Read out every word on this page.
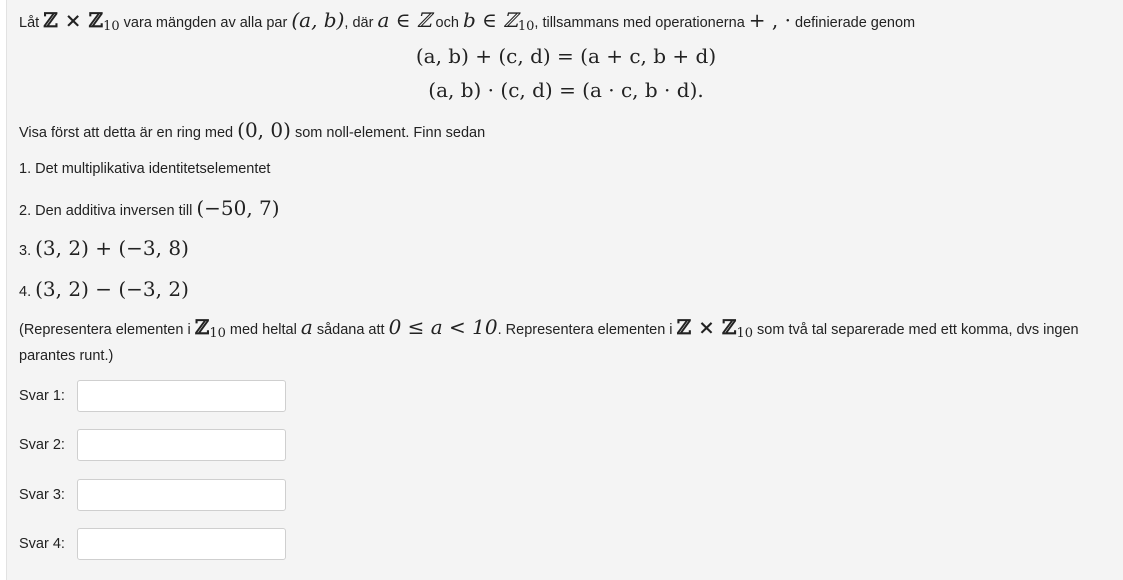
Låt ℤ × ℤ10 vara mängden av alla par (a, b), där a ∈ ℤ och b ∈ ℤ10, tillsammans med operationerna + , · definierade genom
(a, b) + (c, d) = (a + c, b + d)
(a, b) · (c, d) = (a · c, b · d).
Visa först att detta är en ring med (0, 0) som noll-element. Finn sedan
1. Det multiplikativa identitetselementet
2. Den additiva inversen till (−50, 7)
3. (3, 2) + (−3, 8)
4. (3, 2) − (−3, 2)
(Representera elementen i ℤ10 med heltal a sådana att 0 ≤ a < 10. Representera elementen i ℤ × ℤ10 som två tal separerade med ett komma, dvs ingen parantes runt.)
Svar 1:
Svar 2:
Svar 3:
Svar 4:
